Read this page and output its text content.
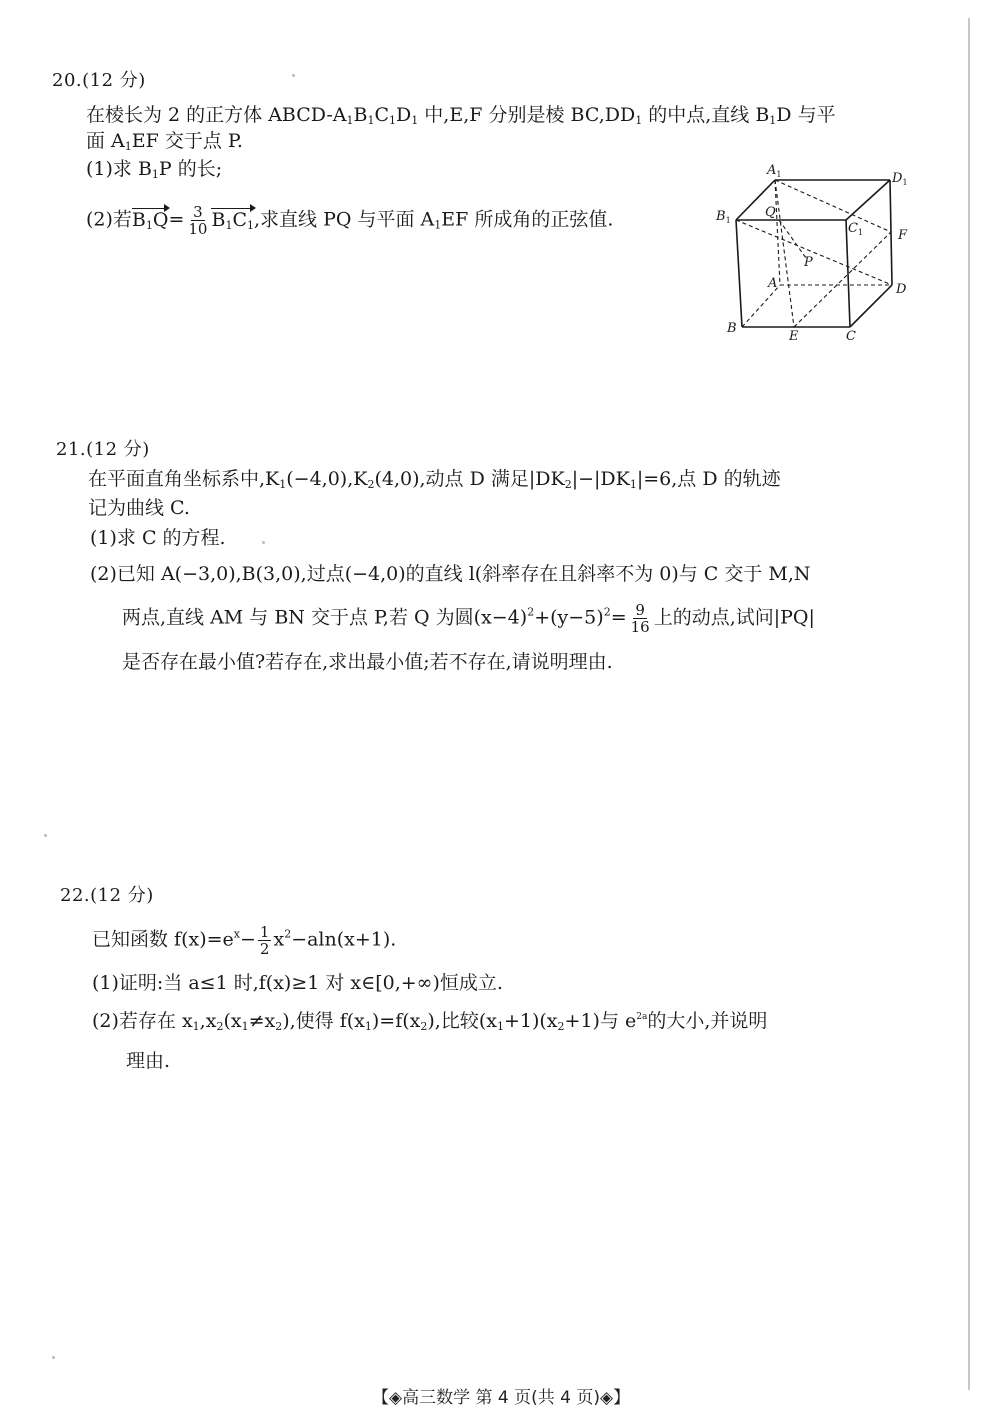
20.(12 分)
在棱长为 2 的正方体 ABCD-$A_1B_1C_1D_1$ 中,E,F 分别是棱 $BC,DD_1$ 的中点,直线 $B_1D$ 与平
面 $A_1EF$ 交于点 P.
(1)求 $B_1P$ 的长;
(2)若$B_1Q= \frac{3}{10} B_1C_1$,求直线 PQ 与平面 $A_1EF$ 所成角的正弦值.
$A_1$	$D_1$
$B_1$
$C_1$
Q
F
P
A	D
B
E	C
21.(12 分)
在平面直角坐标系中$,K_1(-4,0),K_2(4,0)$,动点 D 满足$|DK_2|-|DK_1|=6$,点 D 的轨迹
记为曲线 C.
(1)求 C 的方程.
(2)已知 A(−3,0),B(3,0),过点(−4,0)的直线 l(斜率存在且斜率不为 0)与 C 交于 M,N
两点,直线 AM 与 BN 交于点 P,若 Q 为圆$(x-4)^2+(y-5)^2= \frac{9}{16}$ 上的动点,试问|PQ|
是否存在最小值?若存在,求出最小值;若不存在,请说明理由.
22.(12 分)
已知函数 $f(x)=e^x- \frac{1}{2} x^2-aln(x+1)$.
(1)证明:当 a≤1 时,f(x)≥1 对 x∈[0,+∞)恒成立.
(2)若存在 $x_1,x_2(x_1\ne x_2)$,使得 $f(x_1)=f(x_2)$,比较$(x_1+1)(x_2+1)$与 $e^{2a}$的大小,并说明
理由.
【◈高三数学 第 4 页(共 4 页)◈】
